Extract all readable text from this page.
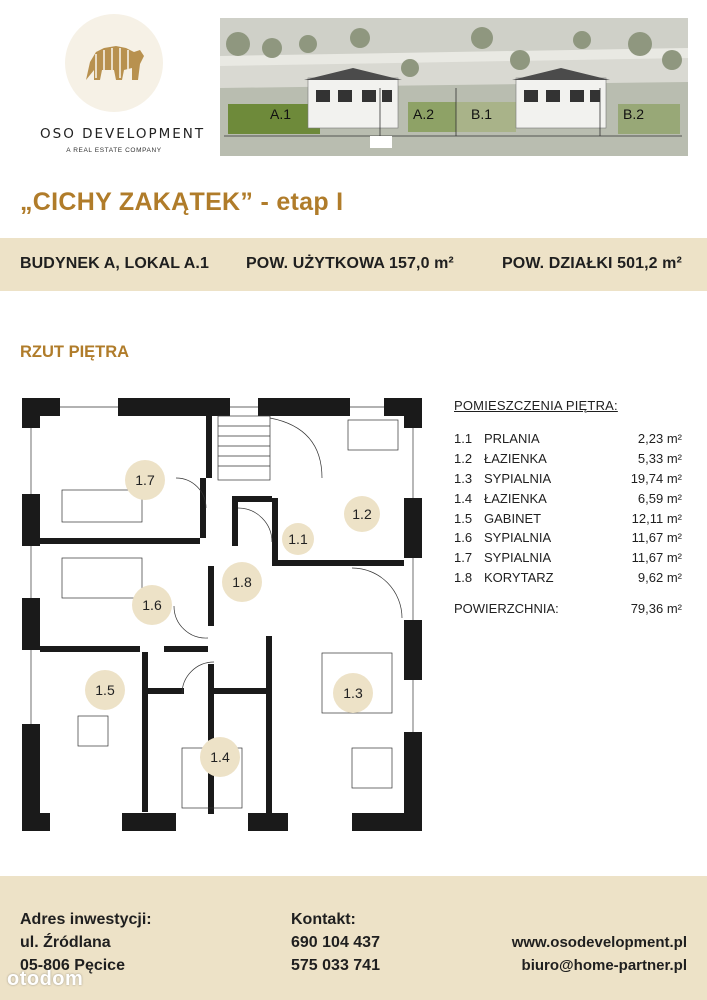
OSO DEVELOPMENT
A REAL ESTATE COMPANY
A.1	A.2	B.1	B.2
„CICHY ZAKĄTEK” - etap I
BUDYNEK A, LOKAL A.1 POW. UŻYTKOWA 157,0 m²	POW. DZIAŁKI 501,2 m²
RZUT PIĘTRA
1.1
1.2
1.3
1.4
1.5
1.6
1.7
1.8
POMIESZCZENIA PIĘTRA:
1.1 PRLANIA	2,23 m²
1.2 ŁAZIENKA	5,33 m²
1.3 SYPIALNIA	19,74 m²
1.4 ŁAZIENKA	6,59 m²
1.5 GABINET	12,11 m²
1.6 SYPIALNIA	11,67 m²
1.7 SYPIALNIA	11,67 m²
1.8 KORYTARZ	9,62 m²
POWIERZCHNIA:	79,36 m²
Adres inwestycji:
ul. Źródlana
05-806 Pęcice
Kontakt:
690 104 437
575 033 741
www.osodevelopment.pl
biuro@home-partner.pl
otodom
